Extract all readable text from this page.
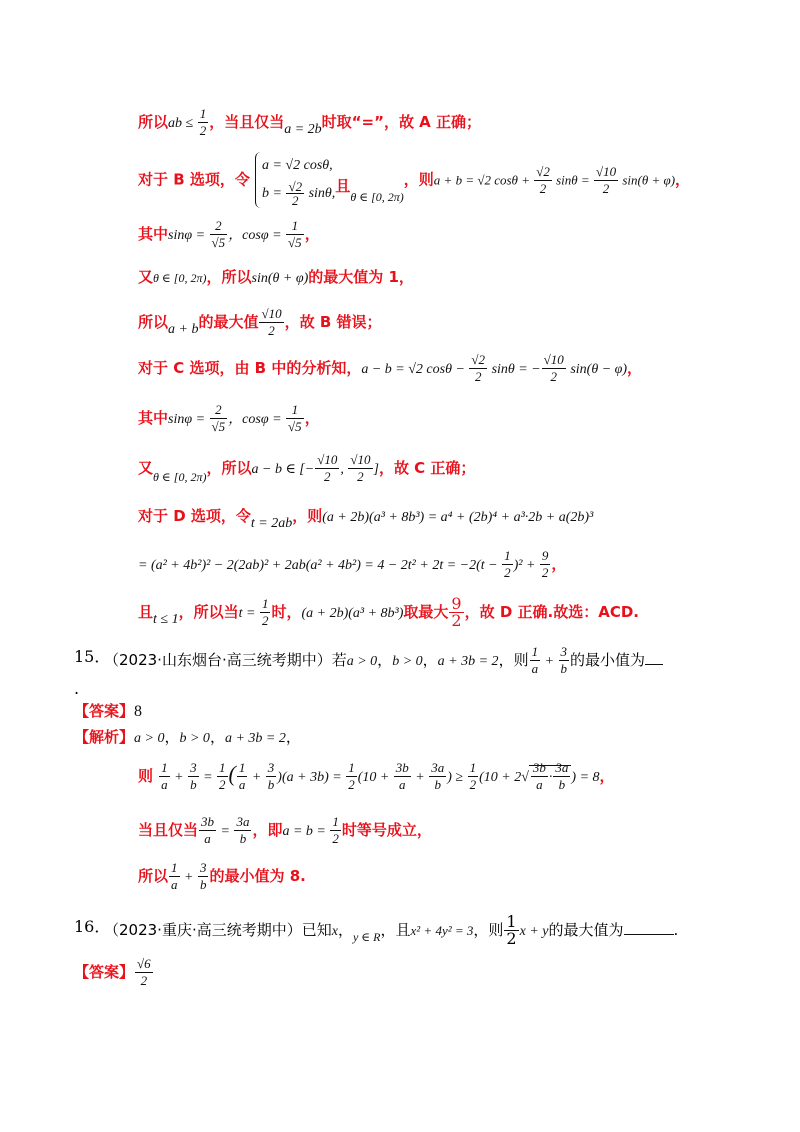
所以ab ≤ $\frac{1}{2}$ ，当且仅当a = 2b时取“=”，故 A 正确；
对于 B 选项，令
a = √2 cosθ,
$b = \frac{√2}{2} \sin\theta$, 且$_{\theta \in [0, 2\pi)}$，则a + b = √2 $\cos\theta + \frac{√2}{2}$ $\sin\theta = \frac{√10}{2} \sin(\theta + \varphi)$，
其中$\sin\varphi = \frac{2}{√5}$ ，$\cos\varphi = \frac{1}{√5}$ ，
又θ ∈ [0, 2π)，所以sin(θ + φ)的最大值为 1，
所以a + b的最大值 $\frac{√10}{2}$ ，故 B 错误；
对于 C 选项，由 B 中的分析知，a − b = √2 $\cos\theta - \frac{√2}{2}$ sinθ = − $\frac{√10}{2} \sin(\theta - \varphi)$，
其中$\sin\varphi = \frac{2}{√5}$ ，$\cos\varphi = \frac{1}{√5}$ ，
又$_{\theta \in [0, 2\pi)}$，所以a − b ∈ [− $\frac{√10}{2}$ , $\frac{√10}{2}$ ]，故 C 正确；
对于 D 选项，令t = 2ab，则(a + 2b)(a³ + 8b³) = a⁴ + (2b)⁴ + a³·2b + a(2b)³
= $(a^2 + 4b^2)^2 - 2(2ab)^2 + 2ab(a^2 + 4b^2) = 4 - 2t^2 + 2t = -2(t - \frac{1}{2} )^2 + \frac{9}{2}$ ，
且t ≤ 1，所以当$t = \frac{1}{2}$ 时，(a + 2b)(a³ + 8b³)取最大 $\frac{9}{2}$ ，故 D 正确.故选：ACD.
15．
（2023·山东烟台·高三统考期中）若a > 0，b > 0，a + 3b = 2，则 $\frac{1}{a} + \frac{3}{b}$ 的最小值为
.
【答案】8
【解析】a > 0，b > 0，a + 3b = 2，
则 $\frac{1}{a} + \frac{3}{b} = \frac{1}{2}$ ( $\frac{1}{a} + \frac{3}{b} )(a + 3b) = \frac{1}{2} (10 + \frac{3b}{a} + \frac{3a}{b}$ ) ≥ $\frac{1}{2} (10 + 2√ \frac{3b}{a} \cdot \frac{3a}{b}$ ) = 8，
当且仅当 $\frac{3b}{a} = \frac{3a}{b}$ ，即$a = b = \frac{1}{2}$ 时等号成立，
所以 $\frac{1}{a} + \frac{3}{b}$ 的最小值为 8.
16．
（2023·重庆·高三统考期中）已知x，$_{y \in R}$，且x² + 4y² = 3，则 $\frac{1}{2}$ x + y的最大值为	.
【答案】 $\frac{√6}{2}$
